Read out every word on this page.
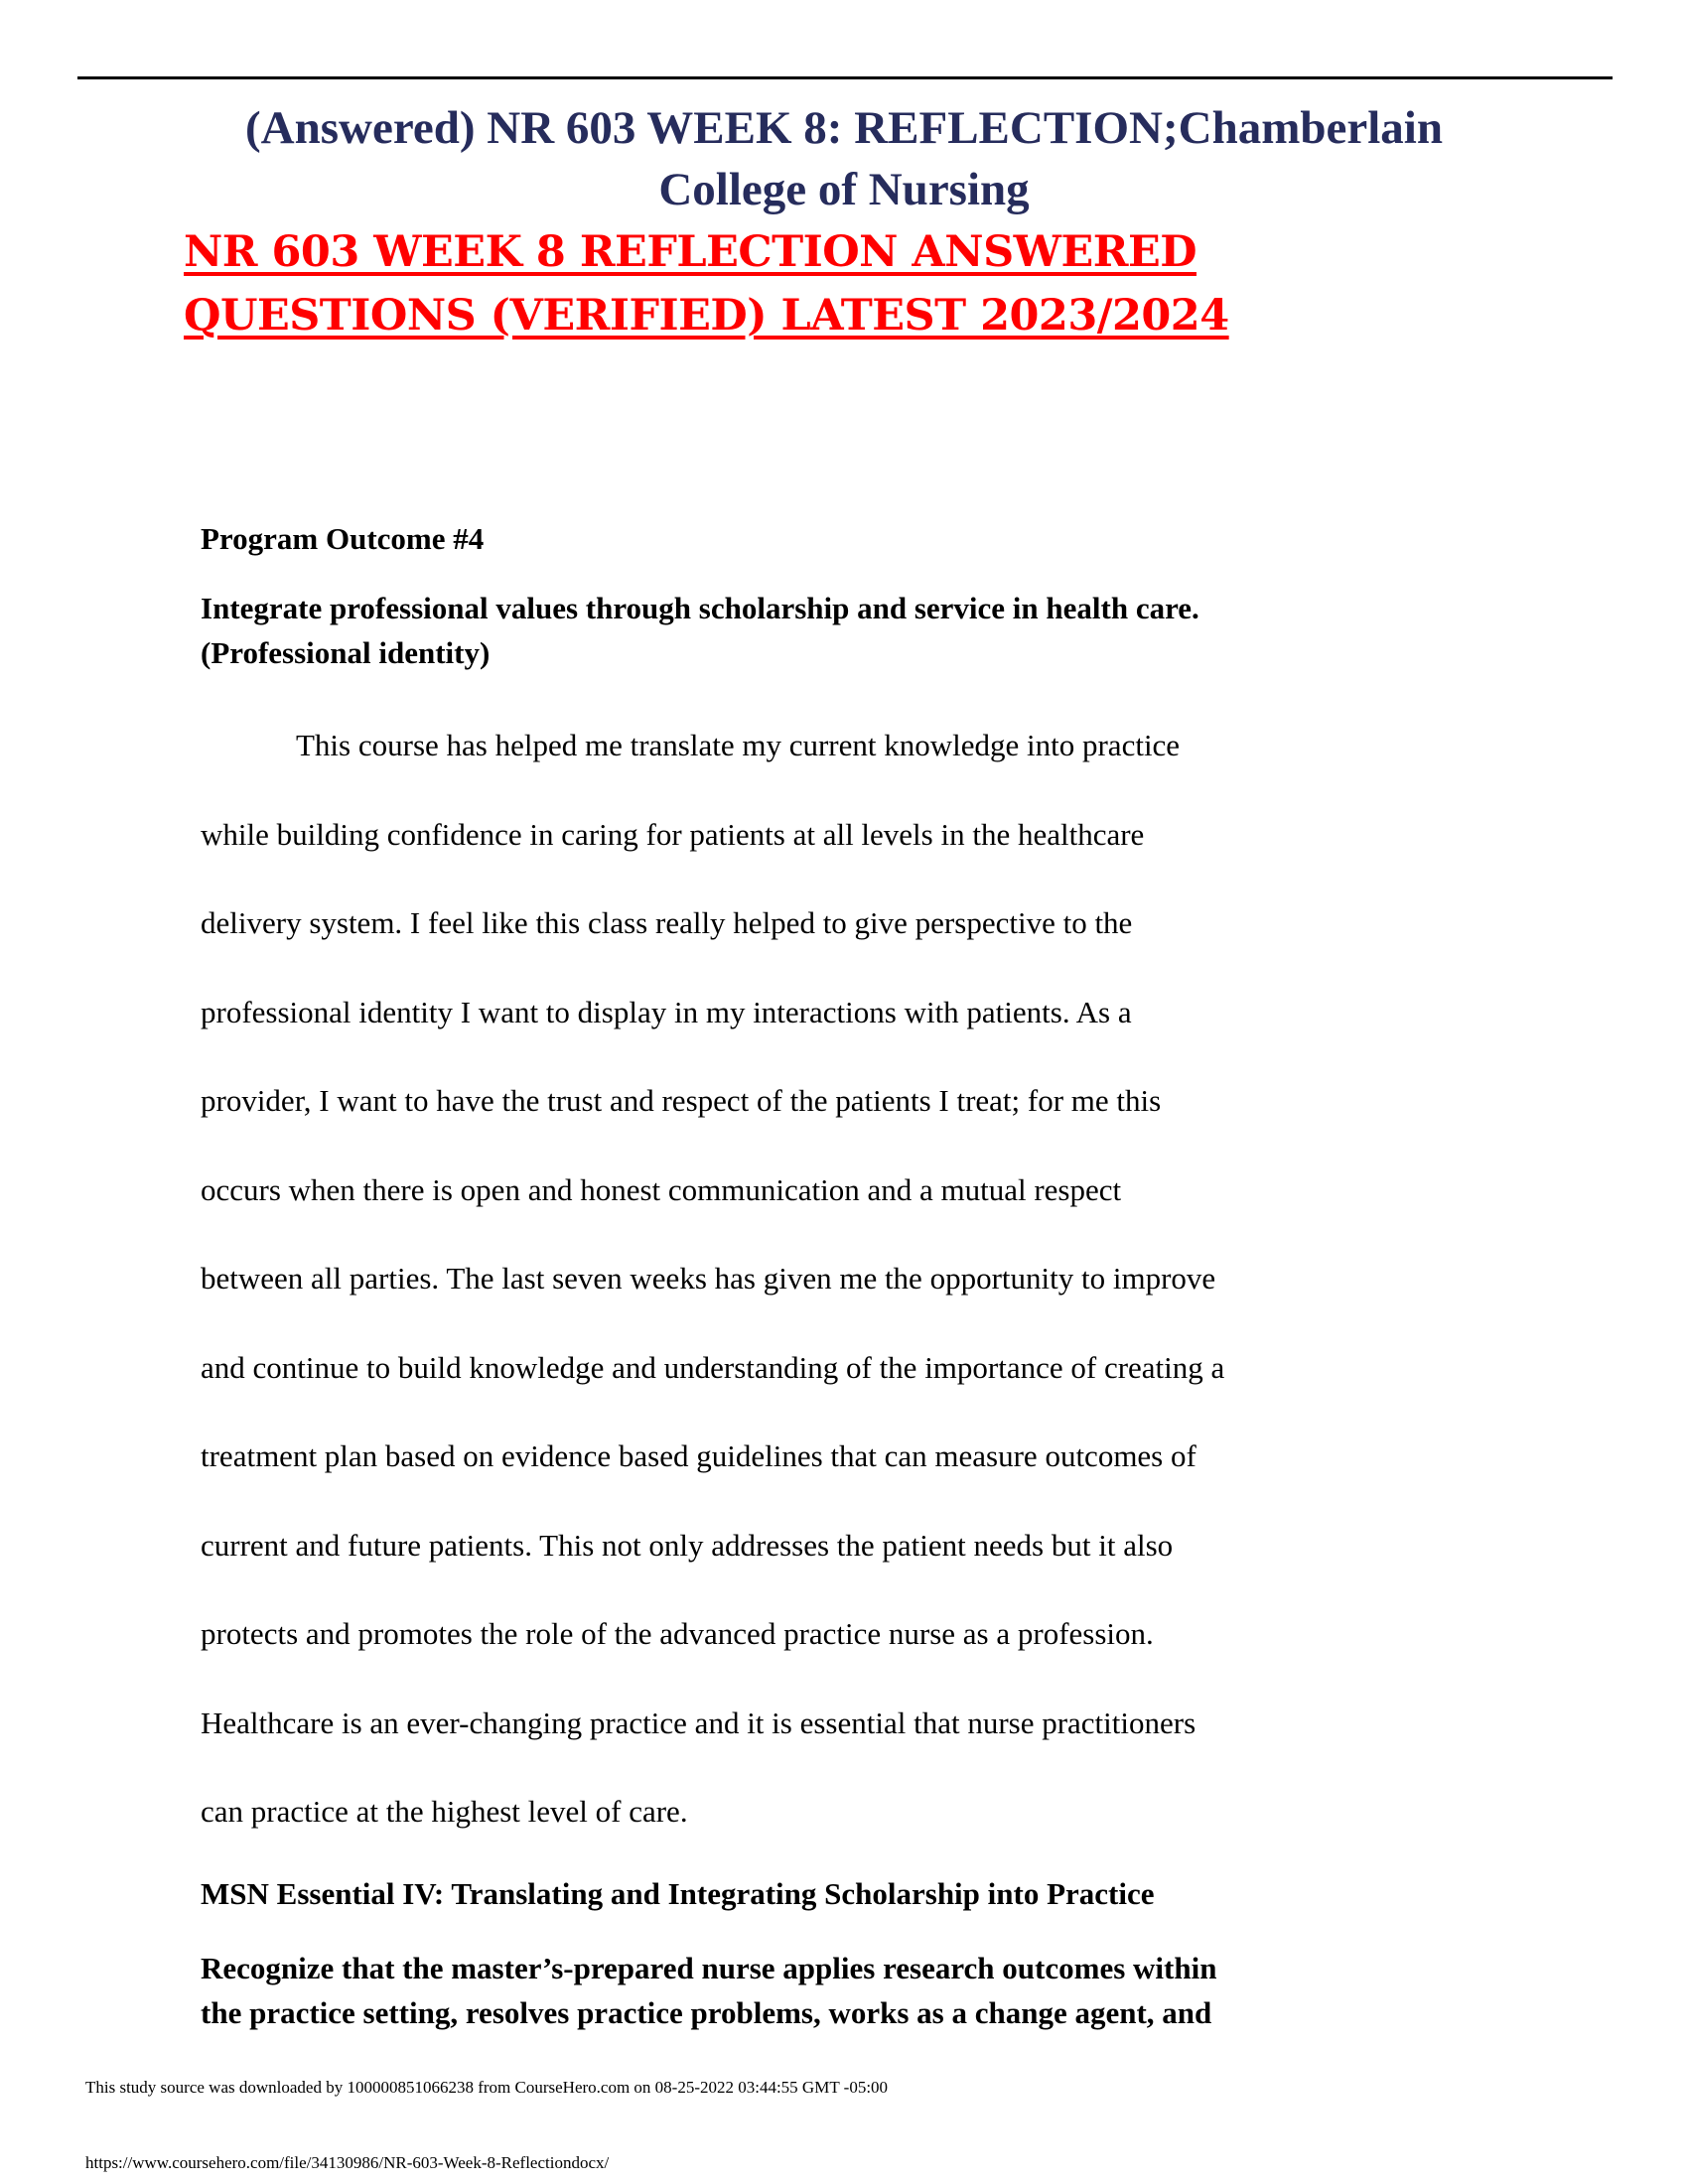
(Answered) NR 603 WEEK 8: REFLECTION;Chamberlain
College of Nursing
NR 603 WEEK 8 REFLECTION ANSWERED
QUESTIONS (VERIFIED) LATEST 2023/2024
Program Outcome #4
Integrate professional values through scholarship and service in health care.
(Professional identity)
This course has helped me translate my current knowledge into practice
while building confidence in caring for patients at all levels in the healthcare
delivery system. I feel like this class really helped to give perspective to the
professional identity I want to display in my interactions with patients. As a
provider, I want to have the trust and respect of the patients I treat; for me this
occurs when there is open and honest communication and a mutual respect
between all parties. The last seven weeks has given me the opportunity to improve
and continue to build knowledge and understanding of the importance of creating a
treatment plan based on evidence based guidelines that can measure outcomes of
current and future patients. This not only addresses the patient needs but it also
protects and promotes the role of the advanced practice nurse as a profession.
Healthcare is an ever-changing practice and it is essential that nurse practitioners
can practice at the highest level of care.
MSN Essential IV: Translating and Integrating Scholarship into Practice
Recognize that the master’s-prepared nurse applies research outcomes within
the practice setting, resolves practice problems, works as a change agent, and
This study source was downloaded by 100000851066238 from CourseHero.com on 08-25-2022 03:44:55 GMT -05:00
https://www.coursehero.com/file/34130986/NR-603-Week-8-Reflectiondocx/
